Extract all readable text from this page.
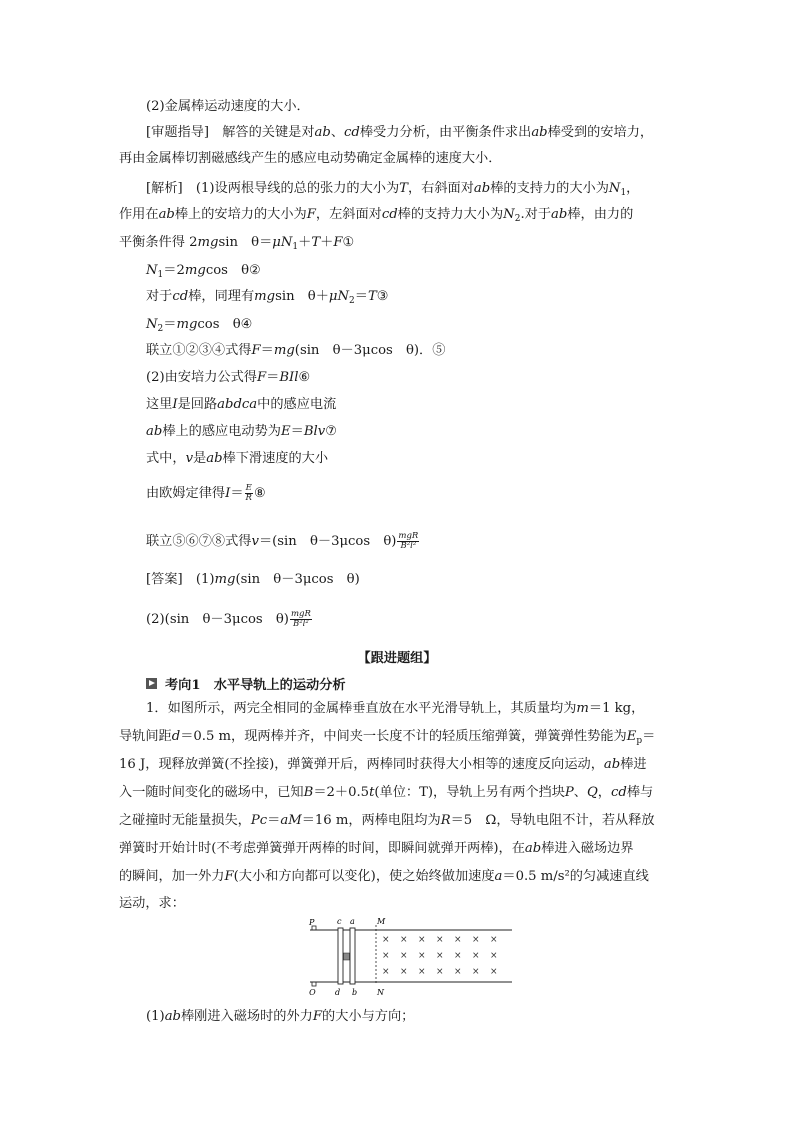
(2)金属棒运动速度的大小．
[审题指导]　解答的关键是对ab、cd棒受力分析，由平衡条件求出ab棒受到的安培力，
再由金属棒切割磁感线产生的感应电动势确定金属棒的速度大小．
[解析]　(1)设两根导线的总的张力的大小为T，右斜面对ab棒的支持力的大小为$N_1$，
作用在ab棒上的安培力的大小为F，左斜面对cd棒的支持力大小为$N_2$.对于ab棒，由力的
平衡条件得 2mgsin　$\theta=\mu N_1+T+F①$
$N_1=2mgcos$　θ②
对于cd棒，同理有mgsin　$\theta+\mu N_2=T③$
$N_2=mgcos$　θ④
联立①②③④式得F＝mg(sin　θ－3μcos　θ)．⑤
(2)由安培力公式得F＝BIl⑥
这里I是回路abdca中的感应电流
ab棒上的感应电动势为E＝Blv⑦
式中，v是ab棒下滑速度的大小
由欧姆定律得$I= \frac{E}{R}$ ⑧
联立⑤⑥⑦⑧式得v＝(sin　θ－3μcos　$\theta) \frac{\text{mgR}}{\text{B²l²}}$
[答案]　(1)mg(sin　θ－3μcos　θ)
(2)(sin　θ－3μcos　$\theta) \frac{\text{mgR}}{\text{B²l²}}$
【跟进题组】
考向1　水平导轨上的运动分析
1．如图所示，两完全相同的金属棒垂直放在水平光滑导轨上，其质量均为m＝1 kg，
导轨间距d＝0.5 m，现两棒并齐，中间夹一长度不计的轻质压缩弹簧，弹簧弹性势能为$E_p=$
16 J，现释放弹簧(不拴接)，弹簧弹开后，两棒同时获得大小相等的速度反向运动，ab棒进
入一随时间变化的磁场中，已知B＝2＋0.5t(单位：T)，导轨上另有两个挡块P、Q，cd棒与
之碰撞时无能量损失，Pc＝aM＝16 m，两棒电阻均为R＝5　Ω，导轨电阻不计，若从释放
弹簧时开始计时(不考虑弹簧弹开两棒的时间，即瞬间就弹开两棒)，在ab棒进入磁场边界
的瞬间，加一外力F(大小和方向都可以变化)，使之始终做加速度a＝0.5 m/s²的匀减速直线
运动，求：
× × × × × × ×
× × × × × × ×
× × × × × × ×
P
Q
c a	M
d b N
(1)ab棒刚进入磁场时的外力F的大小与方向；
